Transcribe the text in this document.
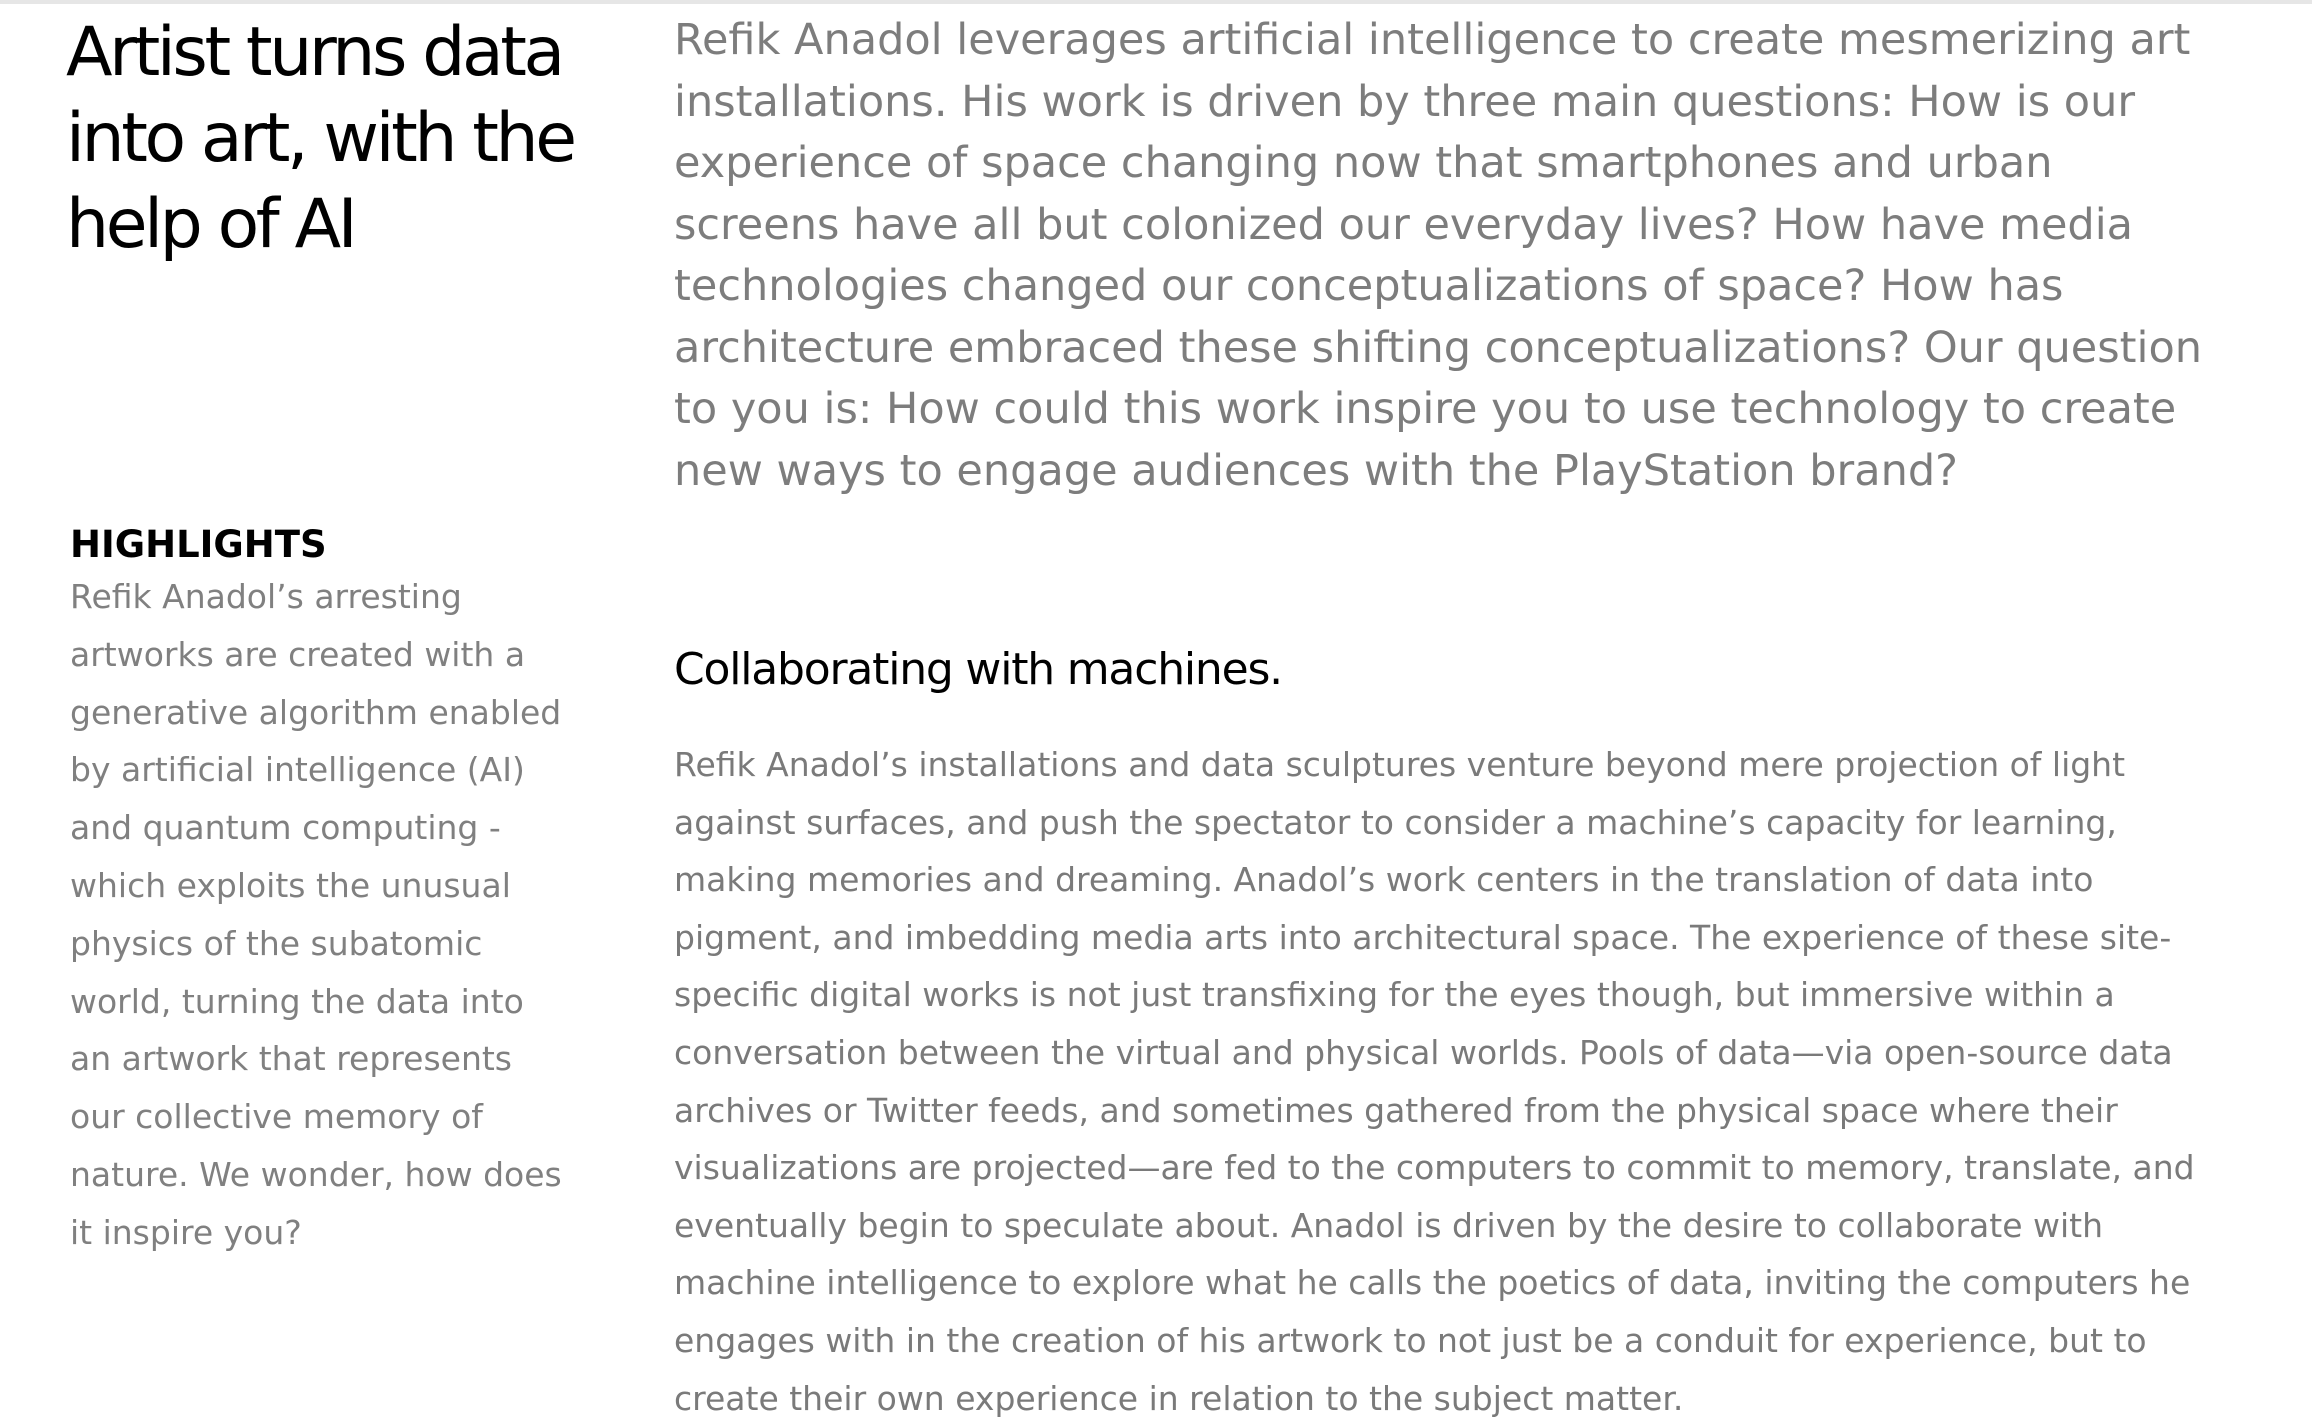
Artist turns data into art, with the help of AI
HIGHLIGHTS

Refik Anadol’s arresting artworks are created with a generative algorithm enabled by artificial intelligence (AI) and quantum computing - which exploits the unusual physics of the subatomic world, turning the data into an artwork that represents our collective memory of nature. We wonder, how does it inspire you?

Refik Anadol leverages artificial intelligence to create mesmerizing art installations. His work is driven by three main questions: How is our experience of space changing now that smartphones and urban screens have all but colonized our everyday lives? How have media technologies changed our conceptualizations of space? How has architecture embraced these shifting conceptualizations? Our question to you is: How could this work inspire you to use technology to create new ways to engage audiences with the PlayStation brand?

Collaborating with machines.

Refik Anadol’s installations and data sculptures venture beyond mere projection of light against surfaces, and push the spectator to consider a machine’s capacity for learning, making memories and dreaming. Anadol’s work centers in the translation of data into pigment, and imbedding media arts into architectural space. The experience of these site-specific digital works is not just transfixing for the eyes though, but immersive within a conversation between the virtual and physical worlds. Pools of data—via open-source data archives or Twitter feeds, and sometimes gathered from the physical space where their visualizations are projected—are fed to the computers to commit to memory, translate, and eventually begin to speculate about. Anadol is driven by the desire to collaborate with machine intelligence to explore what he calls the poetics of data, inviting the computers he engages with in the creation of his artwork to not just be a conduit for experience, but to create their own experience in relation to the subject matter.
